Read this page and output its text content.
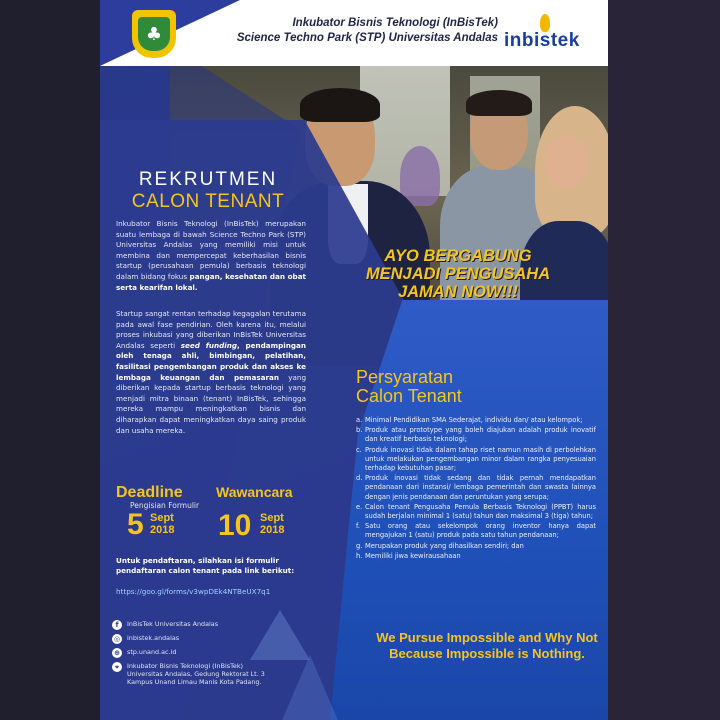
♣
Inkubator Bisnis Teknologi (InBisTek)
Science Techno Park (STP) Universitas Andalas inbistek
REKRUTMEN
CALON TENANT
Inkubator Bisnis Teknologi (InBisTek) merupakan suatu lembaga di bawah Science Techno Park (STP) Universitas Andalas yang memiliki misi untuk membina dan mempercepat keberhasilan bisnis startup (perusahaan pemula) berbasis teknologi dalam bidang fokus pangan, kesehatan dan obat serta kearifan lokal.
Startup sangat rentan terhadap kegagalan terutama pada awal fase pendirian. Oleh karena itu, melalui proses inkubasi yang diberikan InBisTek Universitas Andalas seperti seed funding, pendampingan oleh tenaga ahli, bimbingan, pelatihan, fasilitasi pengembangan produk dan akses ke lembaga keuangan dan pemasaran yang diberikan kepada startup berbasis teknologi yang menjadi mitra binaan (tenant) InBisTek, sehingga mereka mampu meningkatkan bisnis dan diharapkan dapat meningkatkan daya saing produk dan usaha mereka.
Deadline
Pengisian Formulir
5 Sept
2018
Wawancara
10 Sept
2018
Untuk pendaftaran, silahkan isi formulir pendaftaran calon tenant pada link berikut:
https://goo.gl/forms/v3wpDEk4NTBeUX7q1
f	InBisTek Universitas Andalas
◎	inbistek.andalas
⊕	stp.unand.ac.id
⌖	Inkubator Bisnis Teknologi (InBisTek) Universitas Andalas, Gedung Rektorat Lt. 3 Kampus Unand Limau Manis Kota Padang.
AYO BERGABUNG
MENJADI PENGUSAHA
JAMAN NOW!!!
Persyaratan
Calon Tenant
a. Minimal Pendidikan SMA Sederajat, individu dan/ atau kelompok;
b. Produk atau prototype yang boleh diajukan adalah produk inovatif dan kreatif berbasis teknologi;
c. Produk inovasi tidak dalam tahap riset namun masih di perbolehkan untuk melakukan pengembangan minor dalam rangka penyesuaian terhadap kebutuhan pasar;
d. Produk inovasi tidak sedang dan tidak pernah mendapatkan pendanaan dari instansi/ lembaga pemerintah dan swasta lainnya dengan jenis pendanaan dan peruntukan yang serupa;
e. Calon tenant Pengusaha Pemula Berbasis Teknologi (PPBT) harus sudah berjalan minimal 1 (satu) tahun dan maksimal 3 (tiga) tahun;
f. Satu orang atau sekelompok orang inventor hanya dapat mengajukan 1 (satu) produk pada satu tahun pendanaan;
g. Merupakan produk yang dihasilkan sendiri; dan
h. Memiliki jiwa kewirausahaan
We Pursue Impossible and Why Not
Because Impossible is Nothing.
